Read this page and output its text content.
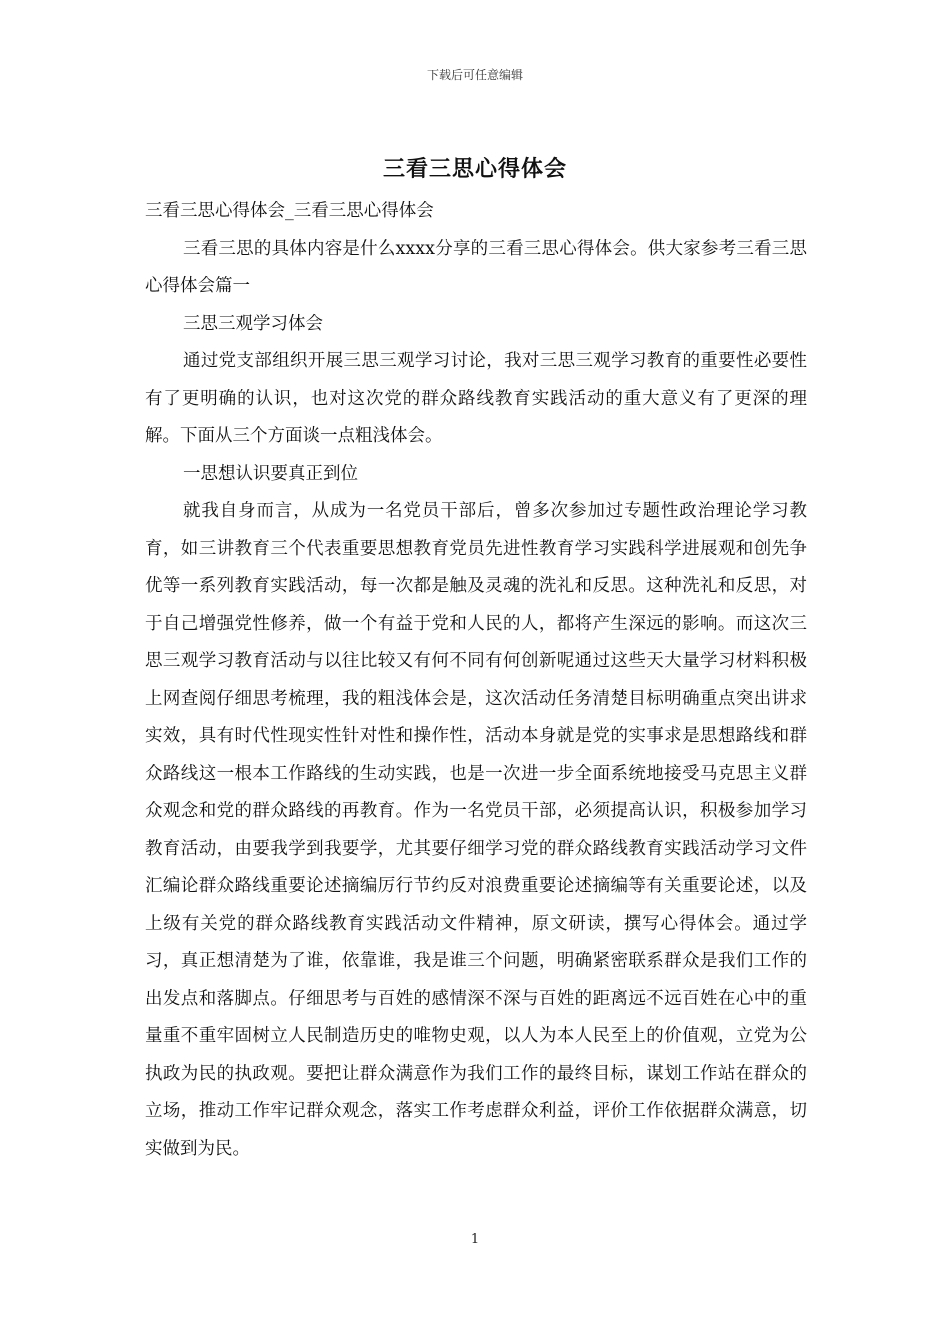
下载后可任意编辑
三看三思心得体会

三看三思心得体会_三看三思心得体会

三看三思的具体内容是什么xxxx分享的三看三思心得体会。供大家参考三看三思心得体会篇一

三思三观学习体会

通过党支部组织开展三思三观学习讨论，我对三思三观学习教育的重要性必要性有了更明确的认识，也对这次党的群众路线教育实践活动的重大意义有了更深的理解。下面从三个方面谈一点粗浅体会。

一思想认识要真正到位

就我自身而言，从成为一名党员干部后，曾多次参加过专题性政治理论学习教育，如三讲教育三个代表重要思想教育党员先进性教育学习实践科学进展观和创先争优等一系列教育实践活动，每一次都是触及灵魂的洗礼和反思。这种洗礼和反思，对于自己增强党性修养，做一个有益于党和人民的人，都将产生深远的影响。而这次三思三观学习教育活动与以往比较又有何不同有何创新呢通过这些天大量学习材料积极上网查阅仔细思考梳理，我的粗浅体会是，这次活动任务清楚目标明确重点突出讲求实效，具有时代性现实性针对性和操作性，活动本身就是党的实事求是思想路线和群众路线这一根本工作路线的生动实践，也是一次进一步全面系统地接受马克思主义群众观念和党的群众路线的再教育。作为一名党员干部，必须提高认识，积极参加学习教育活动，由要我学到我要学，尤其要仔细学习党的群众路线教育实践活动学习文件汇编论群众路线重要论述摘编厉行节约反对浪费重要论述摘编等有关重要论述，以及上级有关党的群众路线教育实践活动文件精神，原文研读，撰写心得体会。通过学习，真正想清楚为了谁，依靠谁，我是谁三个问题，明确紧密联系群众是我们工作的出发点和落脚点。仔细思考与百姓的感情深不深与百姓的距离远不远百姓在心中的重量重不重牢固树立人民制造历史的唯物史观，以人为本人民至上的价值观，立党为公执政为民的执政观。要把让群众满意作为我们工作的最终目标，谋划工作站在群众的立场，推动工作牢记群众观念，落实工作考虑群众利益，评价工作依据群众满意，切实做到为民。

1
